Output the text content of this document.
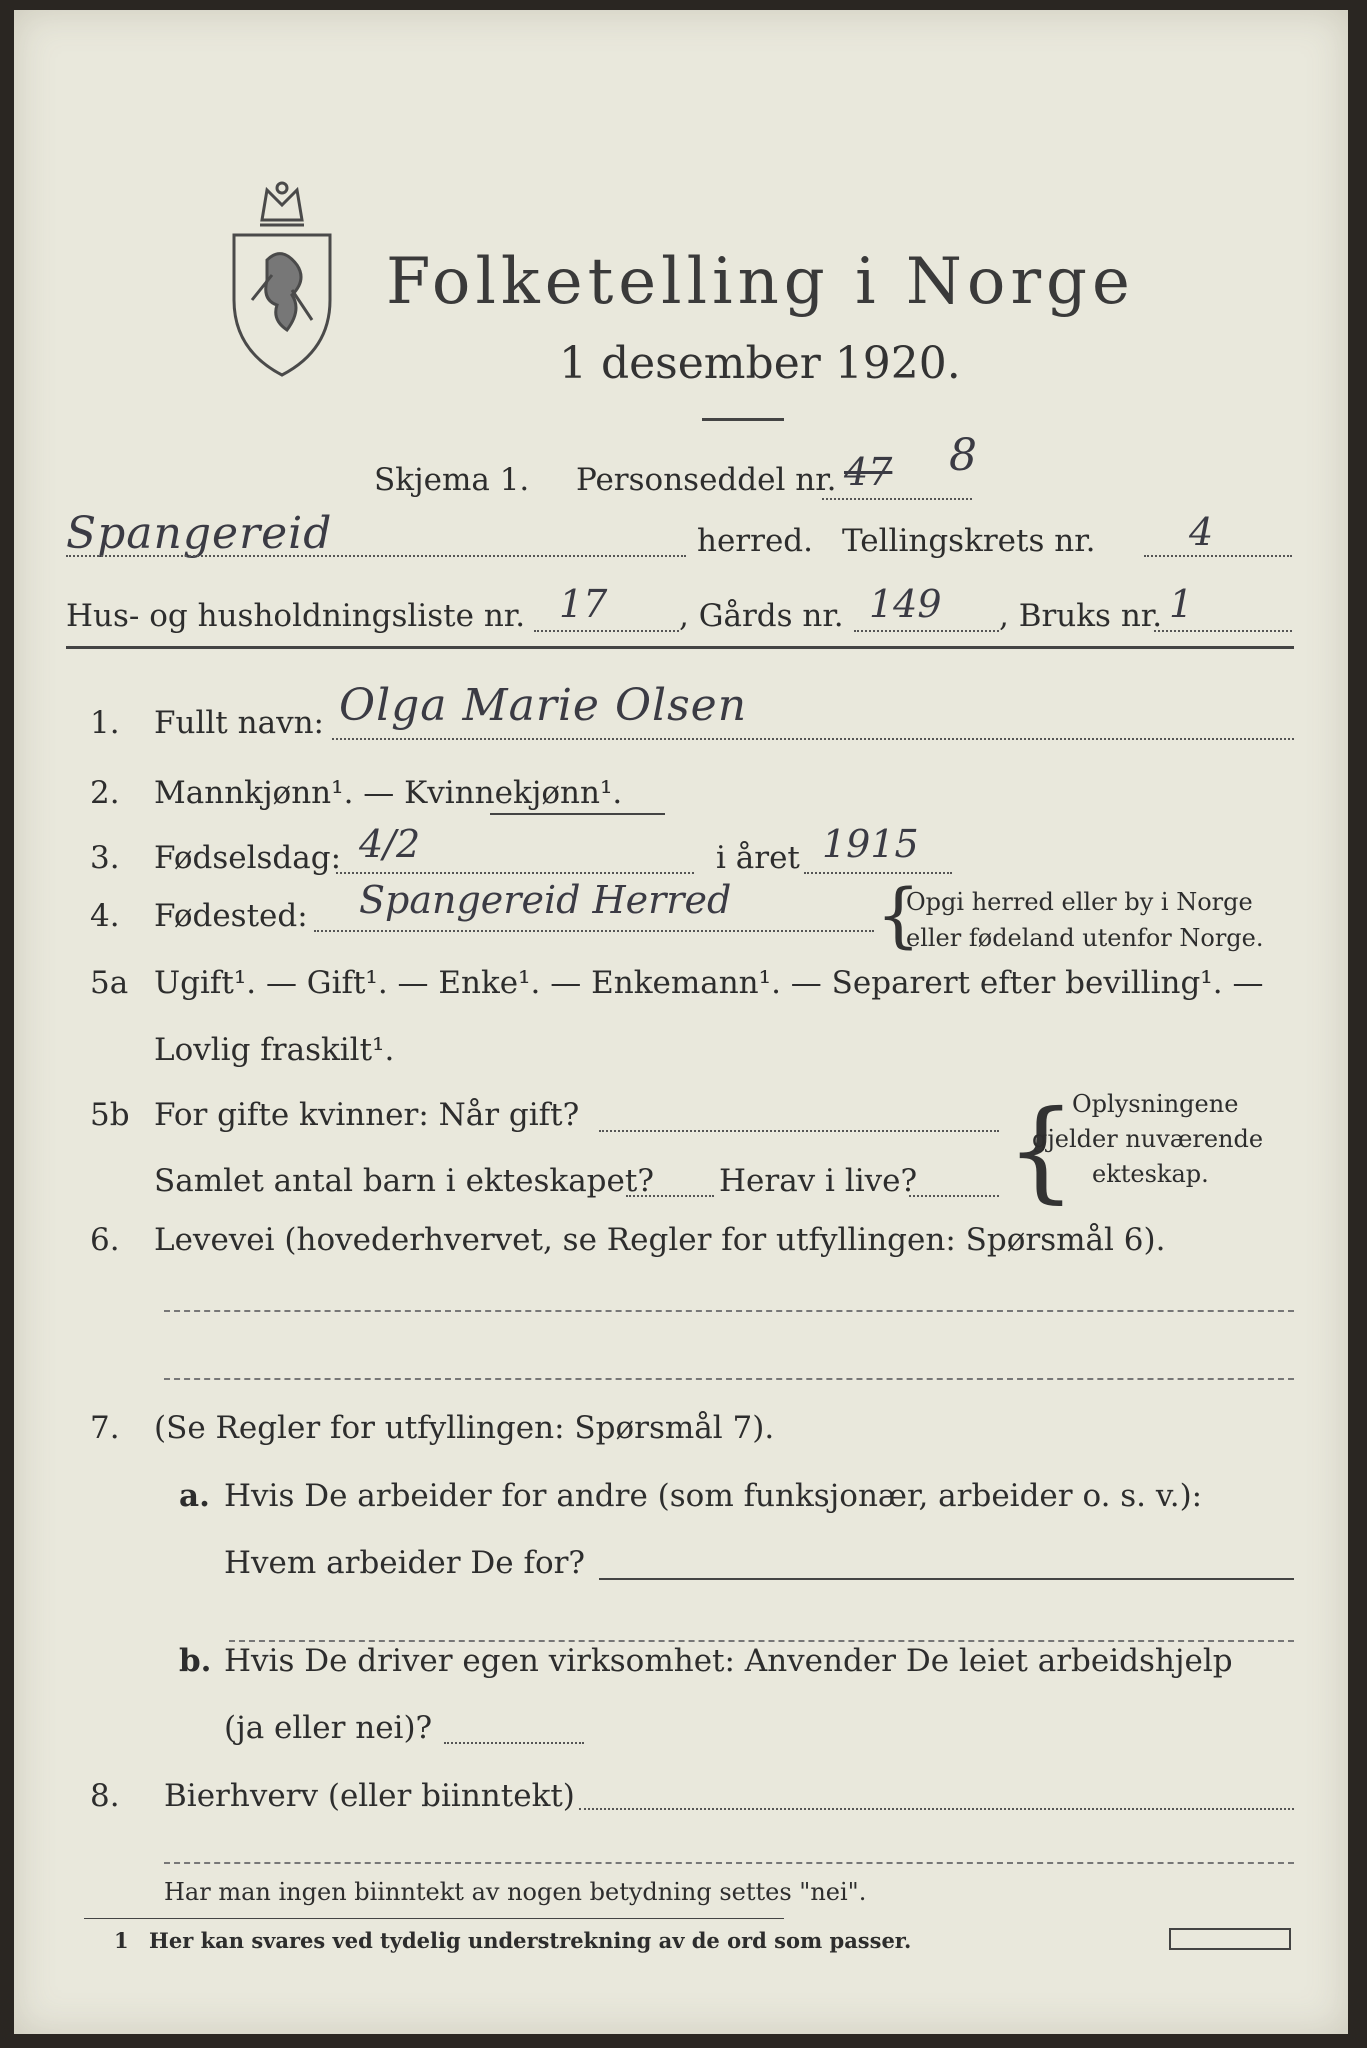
Folketelling i Norge
1 desember 1920.
Skjema 1. Personseddel nr. 47 8
Spangereid	herred. Tellingskrets nr. 4
Hus- og husholdningsliste nr. 17 , Gårds nr. 149 , Bruks nr. 1
1. Fullt navn: Olga Marie Olsen
2. Mannkjønn¹. — Kvinnekjønn¹.
3. Fødselsdag: 4/2	i året 1915
4. Fødested: Spangereid Herred {
Opgi herred eller by i Norge
eller fødeland utenfor Norge.
5a Ugift¹. — Gift¹. — Enke¹. — Enkemann¹. — Separert efter bevilling¹. —
Lovlig fraskilt¹.
5b For gifte kvinner: Når gift?
Samlet antal barn i ekteskapet? Herav i live? {
Oplysningene
gjelder nuværende
ekteskap.
6. Levevei (hovederhvervet, se Regler for utfyllingen: Spørsmål 6).
7. (Se Regler for utfyllingen: Spørsmål 7).
a. Hvis De arbeider for andre (som funksjonær, arbeider o. s. v.):
Hvem arbeider De for?
b. Hvis De driver egen virksomhet: Anvender De leiet arbeidshjelp
(ja eller nei)?
8. Bierhverv (eller biinntekt)
Har man ingen biinntekt av nogen betydning settes "nei".
1 Her kan svares ved tydelig understrekning av de ord som passer.
